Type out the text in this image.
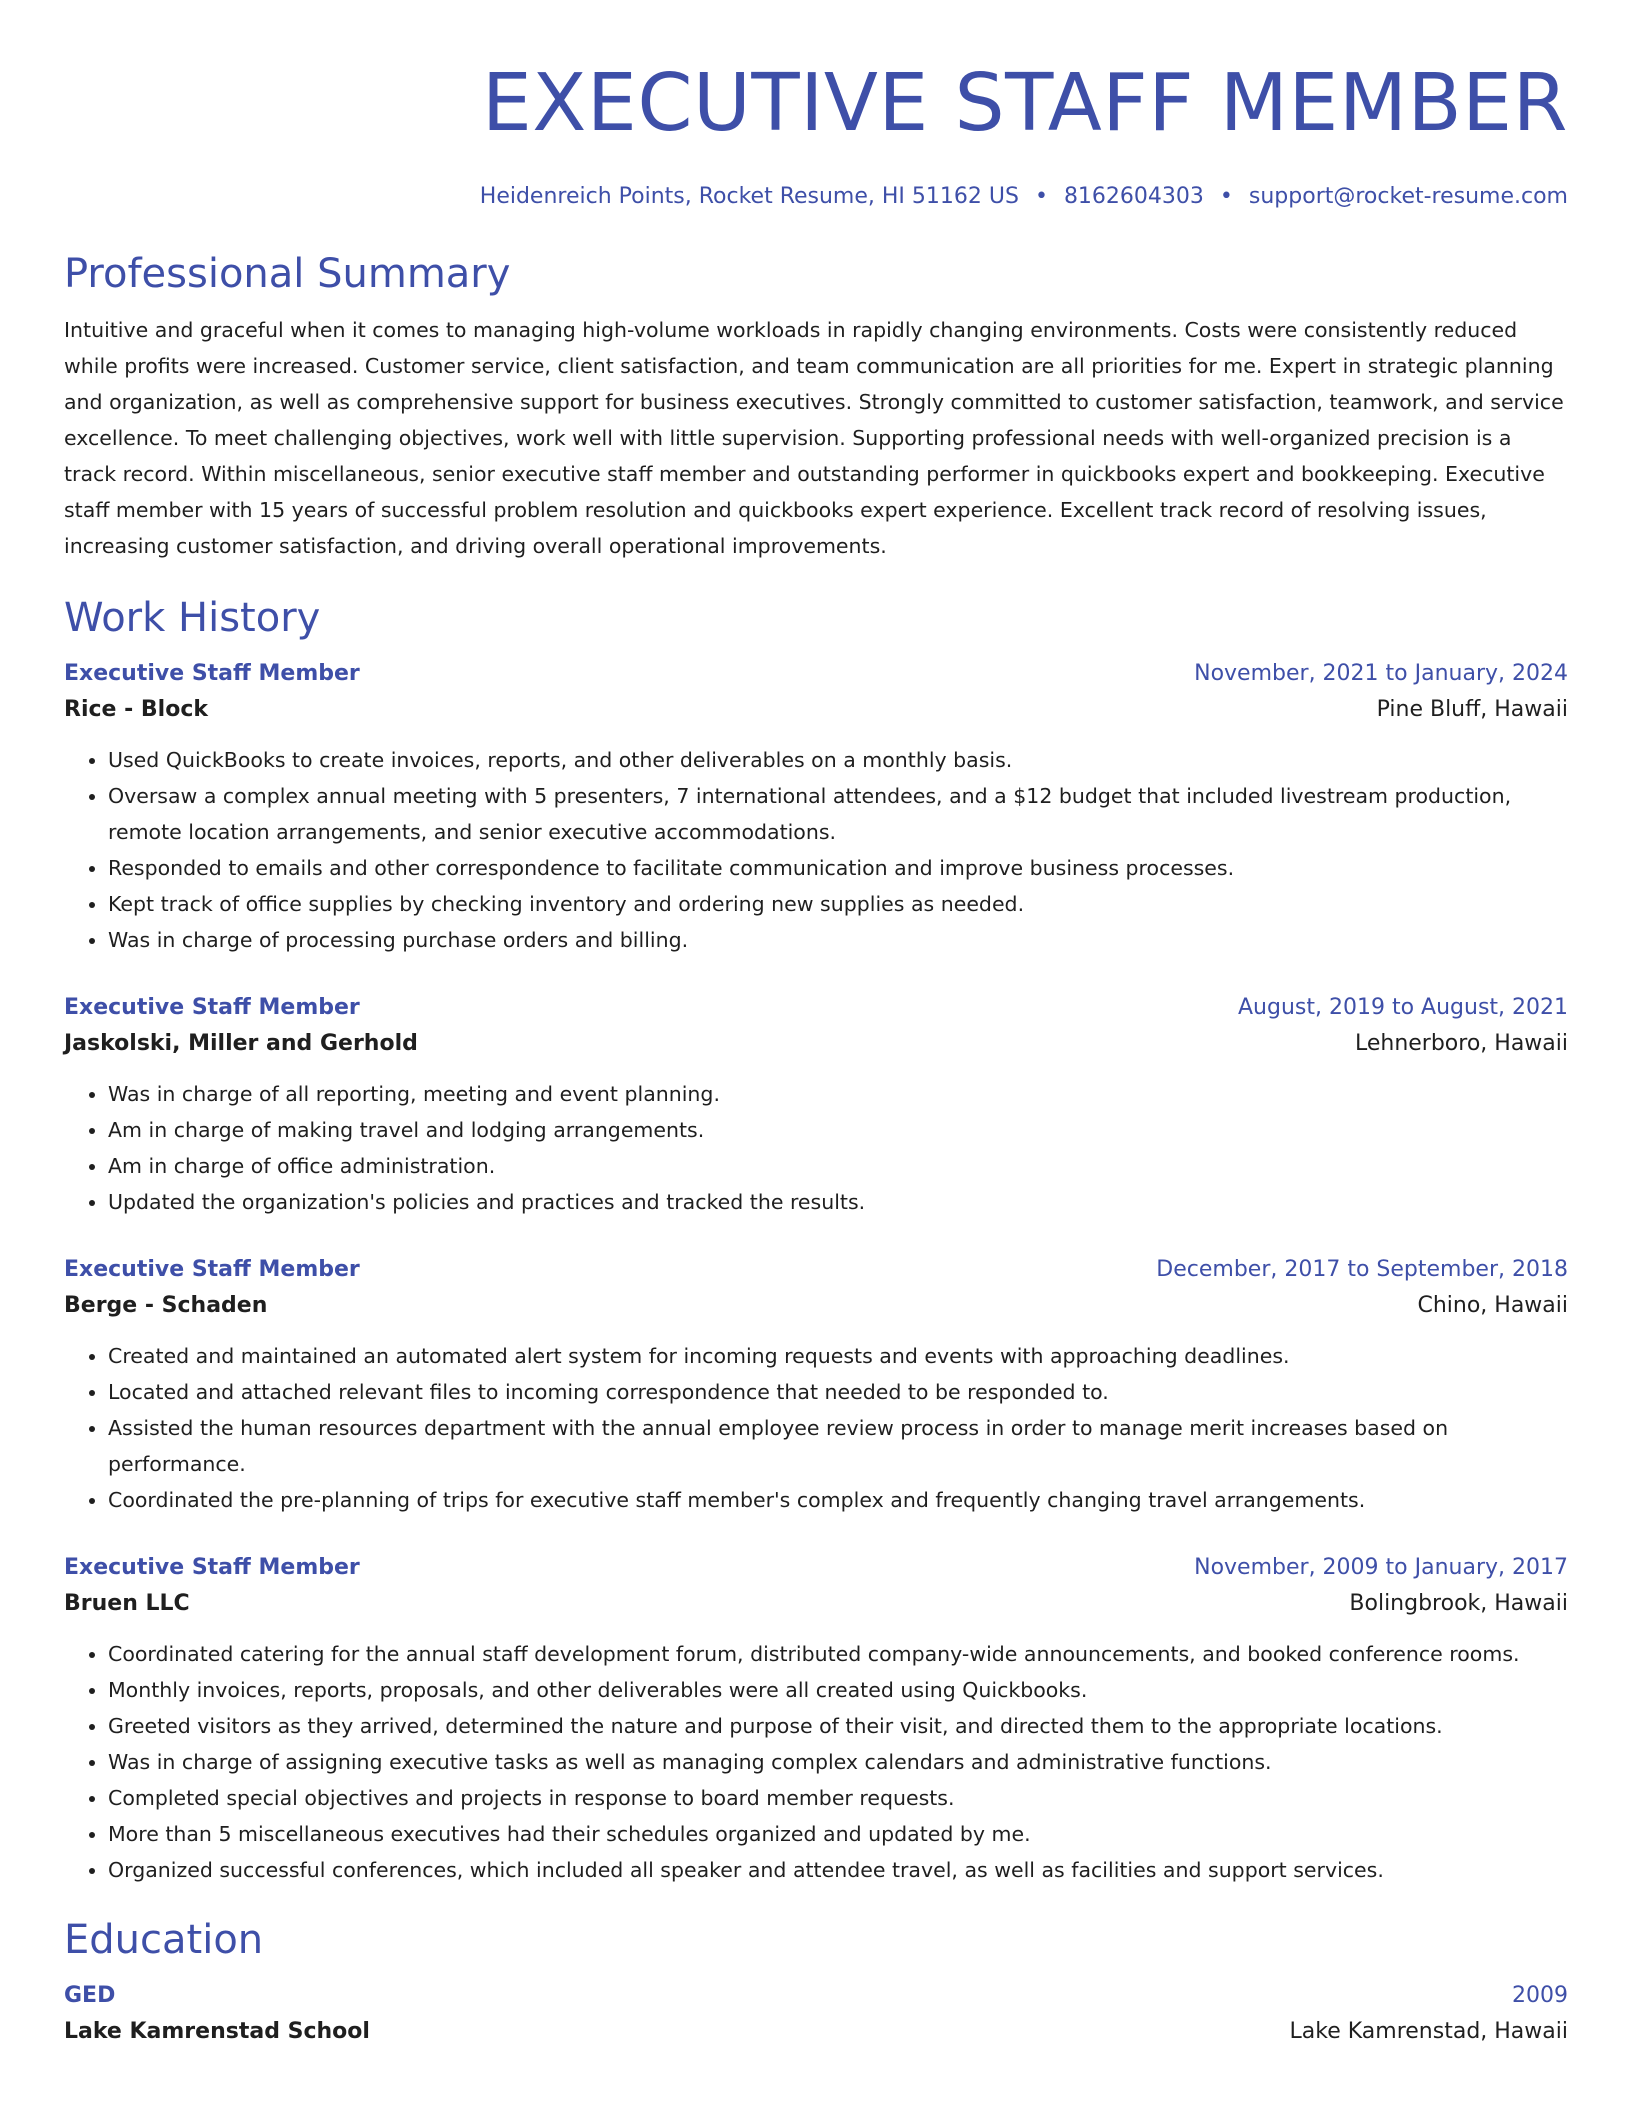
EXECUTIVE STAFF MEMBER
Heidenreich Points, Rocket Resume, HI 51162 US • 8162604303 • support@rocket-resume.com
Professional Summary
Intuitive and graceful when it comes to managing high-volume workloads in rapidly changing environments. Costs were consistently reduced while profits were increased. Customer service, client satisfaction, and team communication are all priorities for me. Expert in strategic planning and organization, as well as comprehensive support for business executives. Strongly committed to customer satisfaction, teamwork, and service excellence. To meet challenging objectives, work well with little supervision. Supporting professional needs with well-organized precision is a track record. Within miscellaneous, senior executive staff member and outstanding performer in quickbooks expert and bookkeeping. Executive staff member with 15 years of successful problem resolution and quickbooks expert experience. Excellent track record of resolving issues, increasing customer satisfaction, and driving overall operational improvements.
Work History
Executive Staff Member	November, 2021 to January, 2024
Rice - Block	Pine Bluff, Hawaii
• Used QuickBooks to create invoices, reports, and other deliverables on a monthly basis.
• Oversaw a complex annual meeting with 5 presenters, 7 international attendees, and a $12 budget that included livestream production, remote location arrangements, and senior executive accommodations.
• Responded to emails and other correspondence to facilitate communication and improve business processes.
• Kept track of office supplies by checking inventory and ordering new supplies as needed.
• Was in charge of processing purchase orders and billing.
Executive Staff Member	August, 2019 to August, 2021
Jaskolski, Miller and Gerhold	Lehnerboro, Hawaii
• Was in charge of all reporting, meeting and event planning.
• Am in charge of making travel and lodging arrangements.
• Am in charge of office administration.
• Updated the organization's policies and practices and tracked the results.
Executive Staff Member	December, 2017 to September, 2018
Berge - Schaden	Chino, Hawaii
• Created and maintained an automated alert system for incoming requests and events with approaching deadlines.
• Located and attached relevant files to incoming correspondence that needed to be responded to.
• Assisted the human resources department with the annual employee review process in order to manage merit increases based on performance.
• Coordinated the pre-planning of trips for executive staff member's complex and frequently changing travel arrangements.
Executive Staff Member	November, 2009 to January, 2017
Bruen LLC	Bolingbrook, Hawaii
• Coordinated catering for the annual staff development forum, distributed company-wide announcements, and booked conference rooms.
• Monthly invoices, reports, proposals, and other deliverables were all created using Quickbooks.
• Greeted visitors as they arrived, determined the nature and purpose of their visit, and directed them to the appropriate locations.
• Was in charge of assigning executive tasks as well as managing complex calendars and administrative functions.
• Completed special objectives and projects in response to board member requests.
• More than 5 miscellaneous executives had their schedules organized and updated by me.
• Organized successful conferences, which included all speaker and attendee travel, as well as facilities and support services.
Education
GED	2009
Lake Kamrenstad School	Lake Kamrenstad, Hawaii
